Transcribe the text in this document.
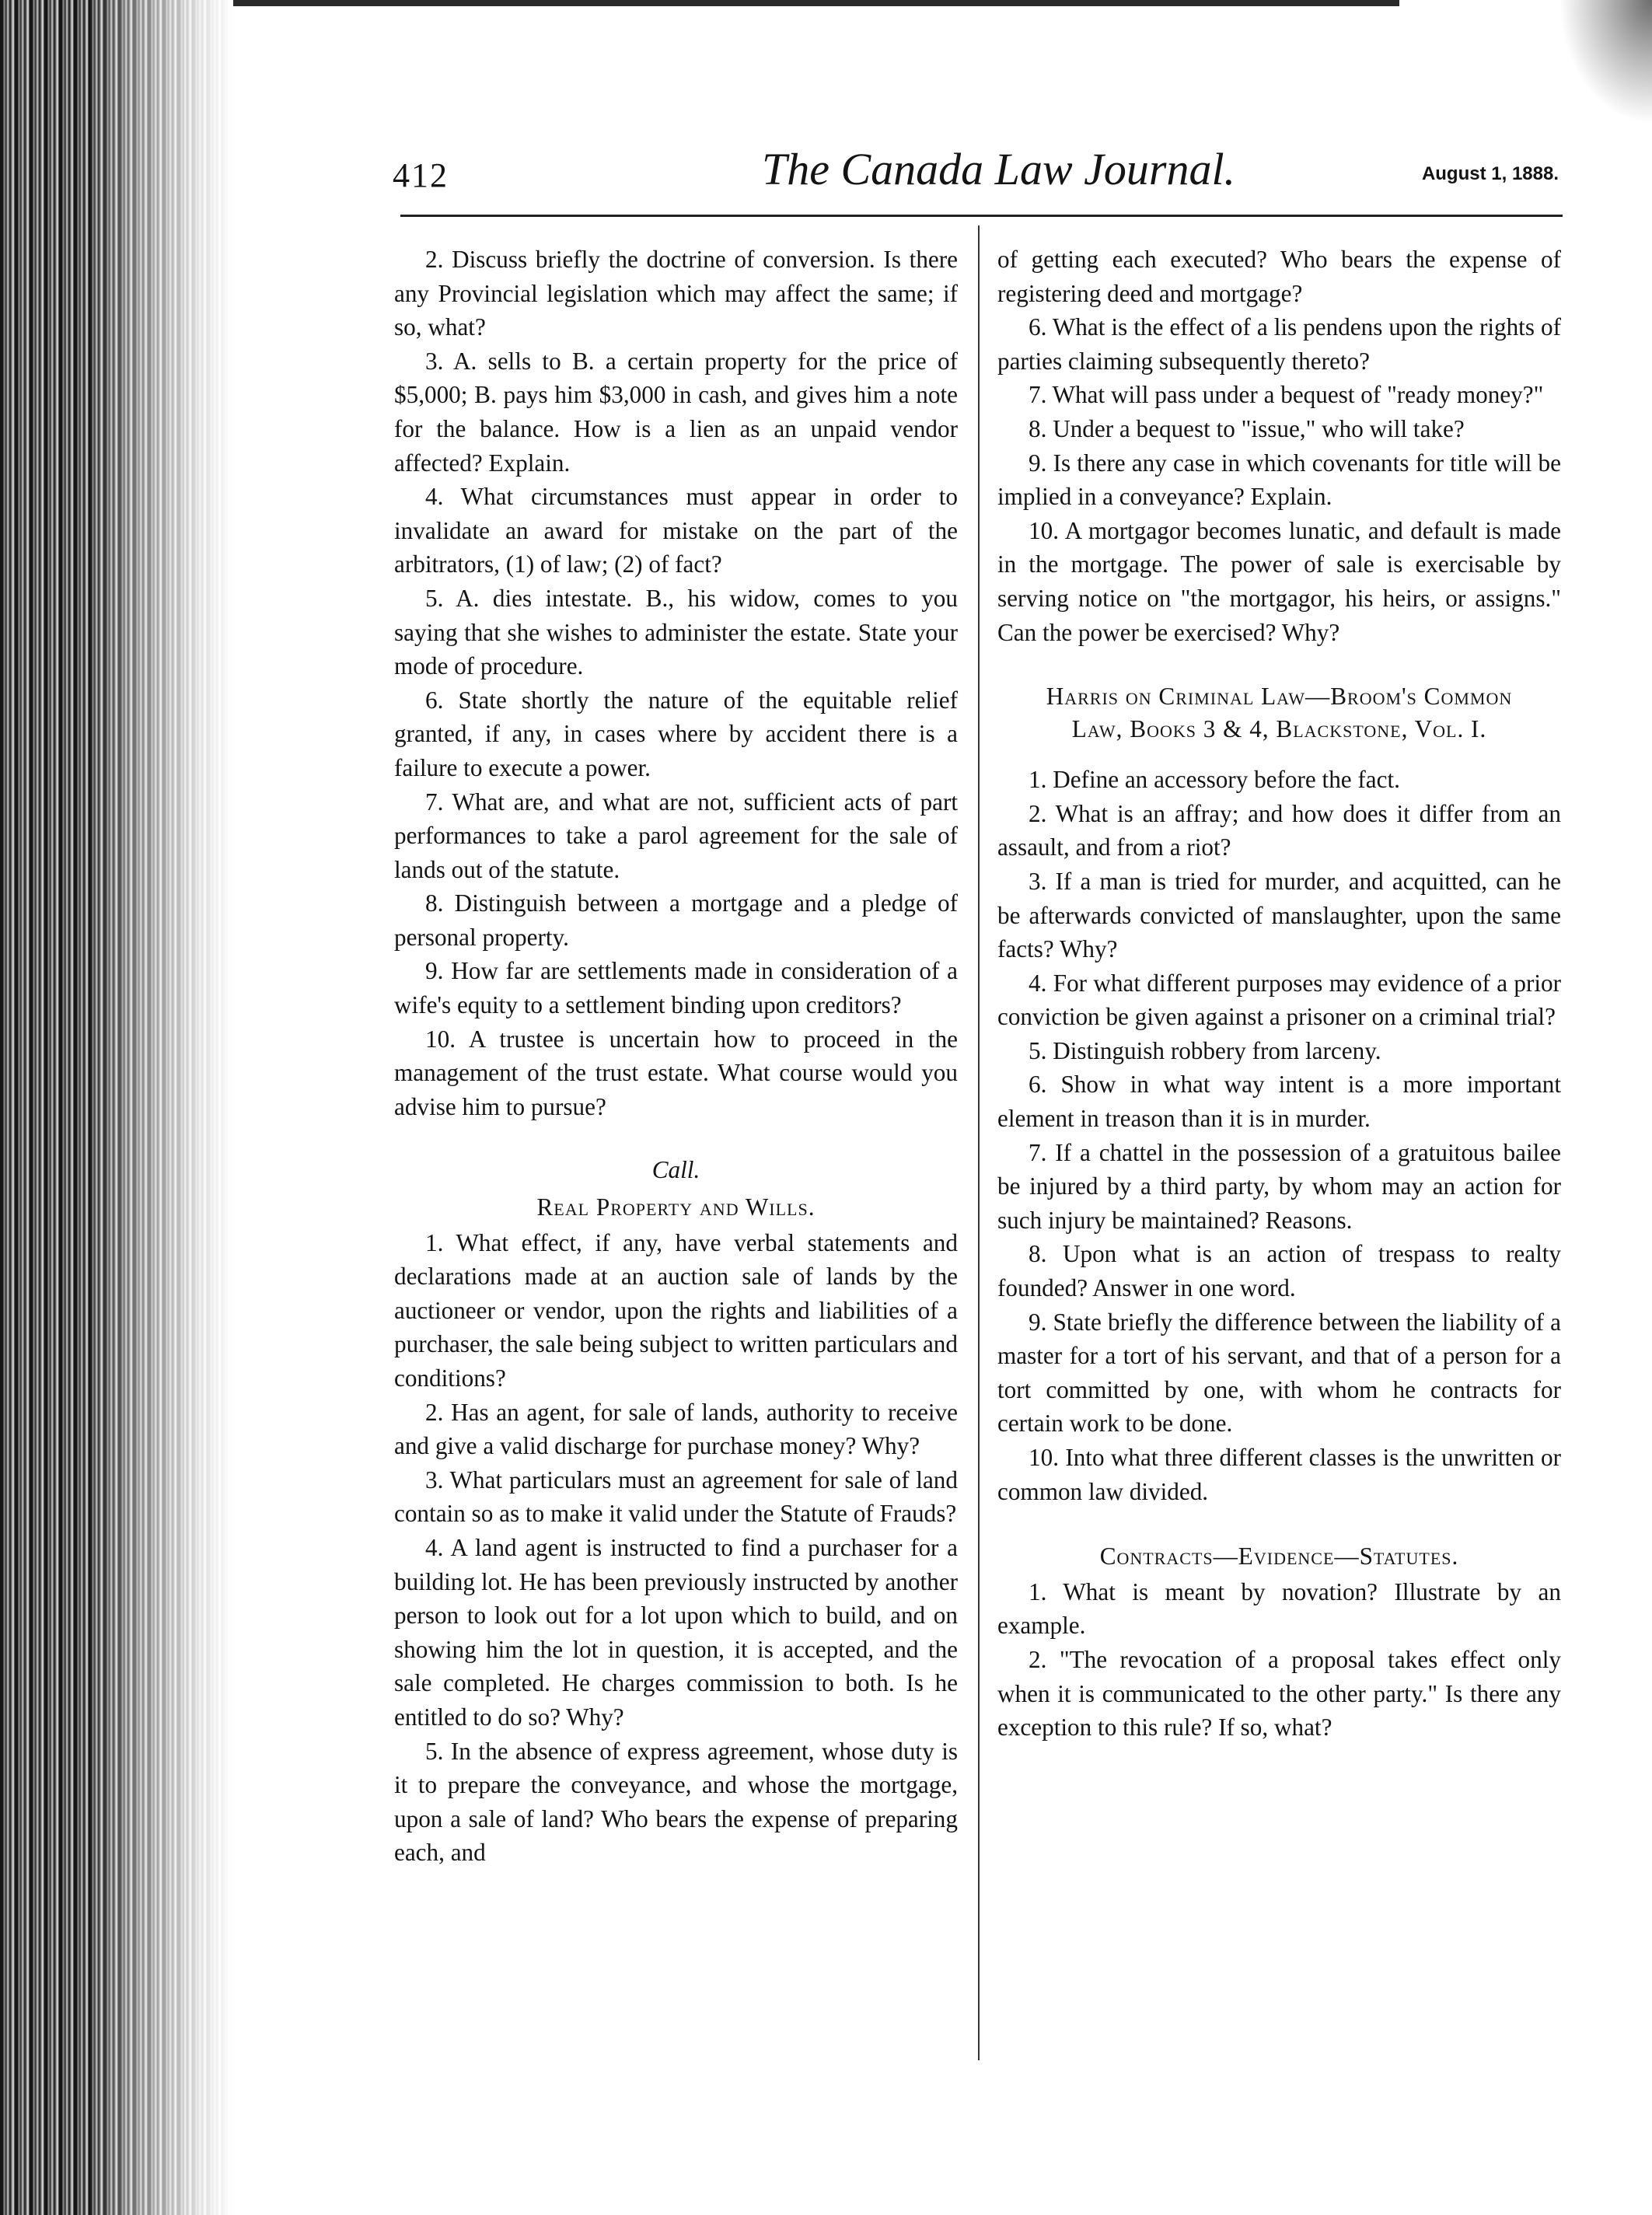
412	The Canada Law Journal.	August 1, 1888.

2. Discuss briefly the doctrine of conversion. Is there any Provincial legislation which may affect the same; if so, what?

3. A. sells to B. a certain property for the price of $5,000; B. pays him $3,000 in cash, and gives him a note for the balance. How is a lien as an unpaid vendor affected? Explain.

4. What circumstances must appear in order to invalidate an award for mistake on the part of the arbitrators, (1) of law; (2) of fact?

5. A. dies intestate. B., his widow, comes to you saying that she wishes to administer the estate. State your mode of procedure.

6. State shortly the nature of the equitable relief granted, if any, in cases where by accident there is a failure to execute a power.

7. What are, and what are not, sufficient acts of part performances to take a parol agreement for the sale of lands out of the statute.

8. Distinguish between a mortgage and a pledge of personal property.

9. How far are settlements made in consideration of a wife's equity to a settlement binding upon creditors?

10. A trustee is uncertain how to proceed in the management of the trust estate. What course would you advise him to pursue?

Call.

Real Property and Wills.

1. What effect, if any, have verbal statements and declarations made at an auction sale of lands by the auctioneer or vendor, upon the rights and liabilities of a purchaser, the sale being subject to written particulars and conditions?

2. Has an agent, for sale of lands, authority to receive and give a valid discharge for purchase money? Why?

3. What particulars must an agreement for sale of land contain so as to make it valid under the Statute of Frauds?

4. A land agent is instructed to find a purchaser for a building lot. He has been previously instructed by another person to look out for a lot upon which to build, and on showing him the lot in question, it is accepted, and the sale completed. He charges commission to both. Is he entitled to do so? Why?

5. In the absence of express agreement, whose duty is it to prepare the conveyance, and whose the mortgage, upon a sale of land? Who bears the expense of preparing each, and

of getting each executed? Who bears the expense of registering deed and mortgage?

6. What is the effect of a lis pendens upon the rights of parties claiming subsequently thereto?

7. What will pass under a bequest of "ready money?"

8. Under a bequest to "issue," who will take?

9. Is there any case in which covenants for title will be implied in a conveyance? Explain.

10. A mortgagor becomes lunatic, and default is made in the mortgage. The power of sale is exercisable by serving notice on "the mortgagor, his heirs, or assigns." Can the power be exercised? Why?

Harris on Criminal Law—Broom's Common Law, Books 3 & 4, Blackstone, Vol. I.

1. Define an accessory before the fact.

2. What is an affray; and how does it differ from an assault, and from a riot?

3. If a man is tried for murder, and acquitted, can he be afterwards convicted of manslaughter, upon the same facts? Why?

4. For what different purposes may evidence of a prior conviction be given against a prisoner on a criminal trial?

5. Distinguish robbery from larceny.

6. Show in what way intent is a more important element in treason than it is in murder.

7. If a chattel in the possession of a gratuitous bailee be injured by a third party, by whom may an action for such injury be maintained? Reasons.

8. Upon what is an action of trespass to realty founded? Answer in one word.

9. State briefly the difference between the liability of a master for a tort of his servant, and that of a person for a tort committed by one, with whom he contracts for certain work to be done.

10. Into what three different classes is the unwritten or common law divided.

Contracts—Evidence—Statutes.

1. What is meant by novation? Illustrate by an example.

2. "The revocation of a proposal takes effect only when it is communicated to the other party." Is there any exception to this rule? If so, what?
